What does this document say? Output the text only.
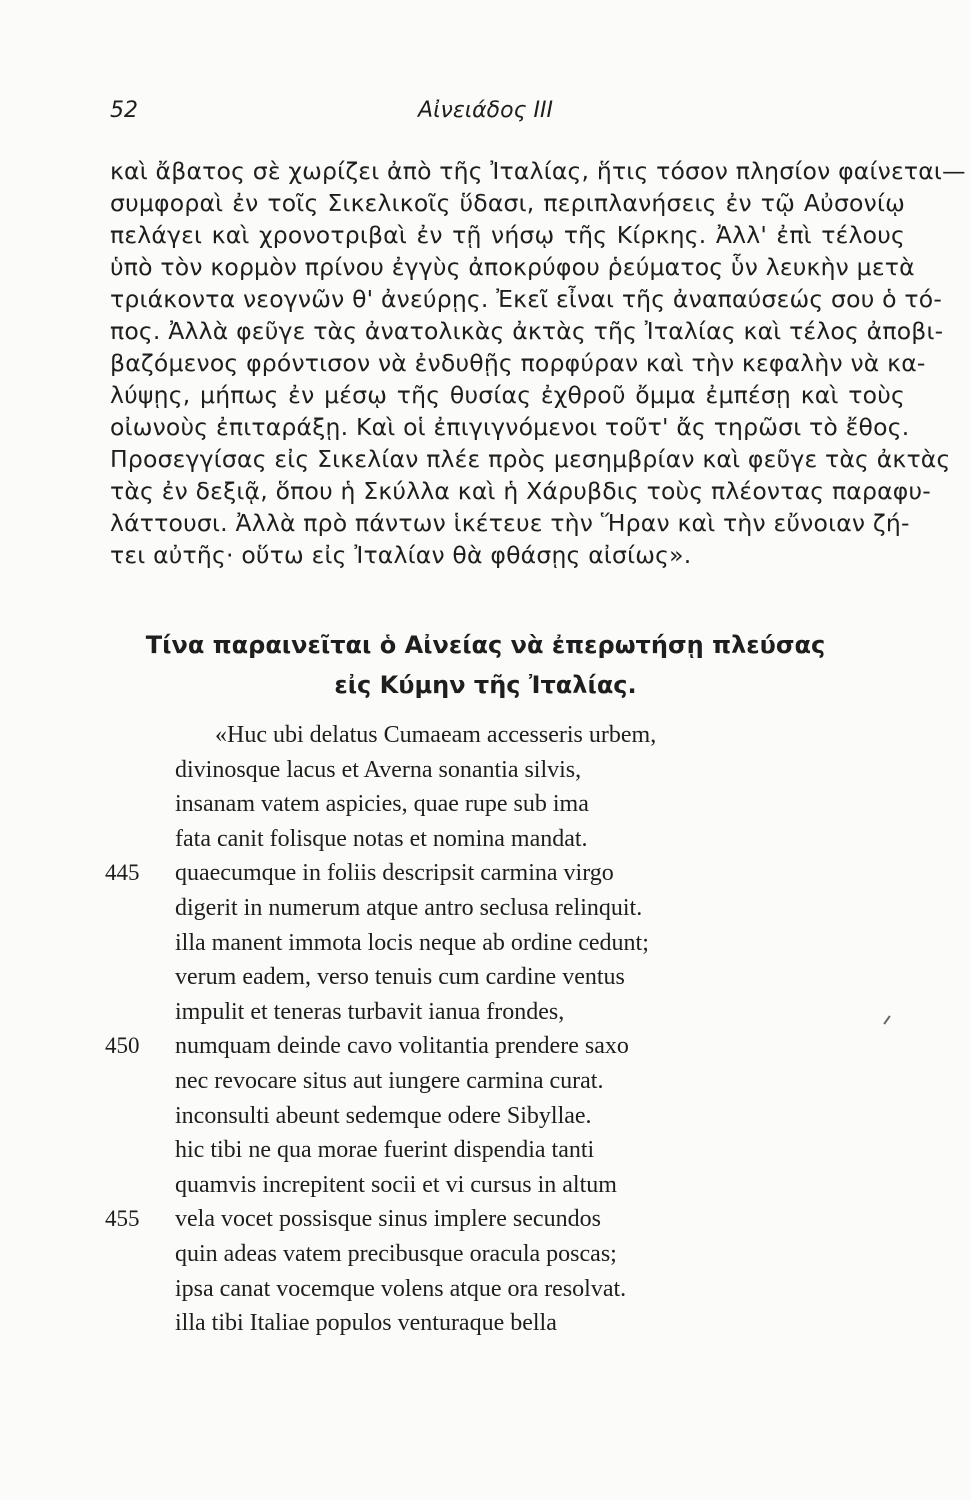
52	Αἰνειάδος III
καὶ ἄβατος σὲ χωρίζει ἀπὸ τῆς Ἰταλίας, ἥτις τόσον πλησίον φαίνεται—
συμφοραὶ ἐν τοῖς Σικελικοῖς ὕδασι, περιπλανήσεις ἐν τῷ Αὐσονίῳ
πελάγει καὶ χρονοτριβαὶ ἐν τῇ νήσῳ τῆς Κίρκης. Ἀλλ' ἐπὶ τέλους
ὑπὸ τὸν κορμὸν πρίνου ἐγγὺς ἀποκρύφου ῥεύματος ὗν λευκὴν μετὰ
τριάκοντα νεογνῶν θ' ἀνεύρῃς. Ἐκεῖ εἶναι τῆς ἀναπαύσεώς σου ὁ τό-
πος. Ἀλλὰ φεῦγε τὰς ἀνατολικὰς ἀκτὰς τῆς Ἰταλίας καὶ τέλος ἀποβι-
βαζόμενος φρόντισον νὰ ἐνδυθῇς πορφύραν καὶ τὴν κεφαλὴν νὰ κα-
λύψῃς, μήπως ἐν μέσῳ τῆς θυσίας ἐχθροῦ ὄμμα ἐμπέσῃ καὶ τοὺς
οἰωνοὺς ἐπιταράξῃ. Καὶ οἱ ἐπιγιγνόμενοι τοῦτ' ἄς τηρῶσι τὸ ἔθος.
Προσεγγίσας εἰς Σικελίαν πλέε πρὸς μεσημβρίαν καὶ φεῦγε τὰς ἀκτὰς
τὰς ἐν δεξιᾷ, ὅπου ἡ Σκύλλα καὶ ἡ Χάρυβδις τοὺς πλέοντας παραφυ-
λάττουσι. Ἀλλὰ πρὸ πάντων ἱκέτευε τὴν Ἥραν καὶ τὴν εὔνοιαν ζή-
τει αὐτῆς· οὕτω εἰς Ἰταλίαν θὰ φθάσῃς αἰσίως».
Τίνα παραινεῖται ὁ Αἰνείας νὰ ἐπερωτήσῃ πλεύσας
εἰς Κύμην τῆς Ἰταλίας.
«Huc ubi delatus Cumaeam accesseris urbem,
divinosque lacus et Averna sonantia silvis,
insanam vatem aspicies, quae rupe sub ima
fata canit folisque notas et nomina mandat.
445	quaecumque in foliis descripsit carmina virgo
digerit in numerum atque antro seclusa relinquit.
illa manent immota locis neque ab ordine cedunt;
verum eadem, verso tenuis cum cardine ventus
impulit et teneras turbavit ianua frondes,
450	numquam deinde cavo volitantia prendere saxo
nec revocare situs aut iungere carmina curat.
inconsulti abeunt sedemque odere Sibyllae.
hic tibi ne qua morae fuerint dispendia tanti
quamvis increpitent socii et vi cursus in altum
455	vela vocet possisque sinus implere secundos
quin adeas vatem precibusque oracula poscas;
ipsa canat vocemque volens atque ora resolvat.
illa tibi Italiae populos venturaque bella
